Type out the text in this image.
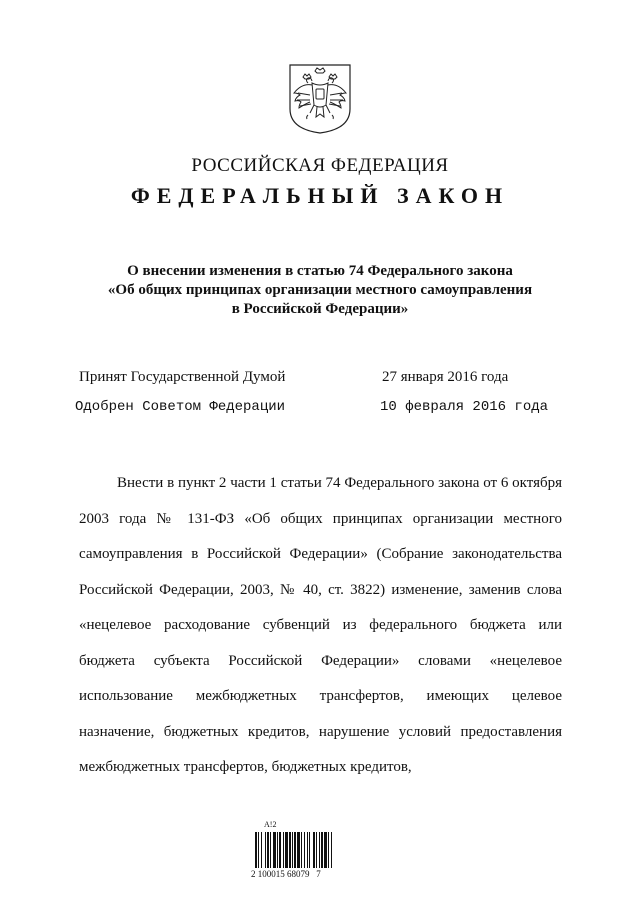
РОССИЙСКАЯ ФЕДЕРАЦИЯ
ФЕДЕРАЛЬНЫЙ ЗАКОН
О внесении изменения в статью 74 Федерального закона
«Об общих принципах организации местного самоуправления
в Российской Федерации»
Принят Государственной Думой	27 января 2016 года
Одобрен Советом Федерации	10 февраля 2016 года

Внести в пункт 2 части 1 статьи 74 Федерального закона от 6 октября 2003 года № 131-ФЗ «Об общих принципах организации местного самоуправления в Российской Федерации» (Собрание законодательства Российской Федерации, 2003, № 40, ст. 3822) изменение, заменив слова «нецелевое расходование субвенций из федерального бюджета или бюджета субъекта Российской Федерации» словами «нецелевое использование межбюджетных трансфертов, имеющих целевое назначение, бюджетных кредитов, нарушение условий предоставления межбюджетных трансфертов, бюджетных кредитов,

A!2
2 100015 68079   7
